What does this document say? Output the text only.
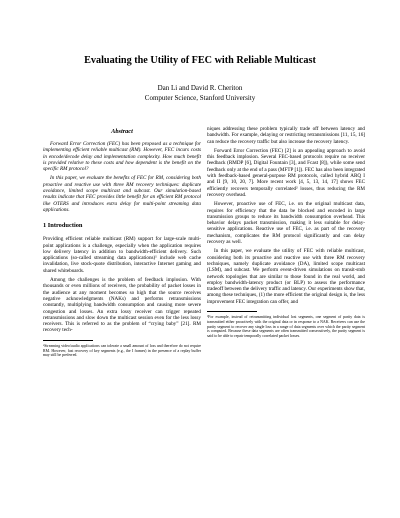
Evaluating the Utility of FEC with Reliable Multicast
Dan Li and David R. Cheriton
Computer Science, Stanford University
Abstract

Forward Error Correction (FEC) has been proposed as a technique for implementing efficient reliable multicast (RM). However, FEC incurs costs in encode/decode delay and implementation complexity. How much benefit is provided relative to these costs and how dependent is the benefit on the specific RM protocol?

In this paper, we evaluate the benefits of FEC for RM, considering both proactive and reactive use with three RM recovery techniques: duplicate avoidance, limited scope multicast and subcast. Our simulation-based results indicate that FEC provides little benefit for an efficient RM protocol like OTERS and introduces extra delay for multi-point streaming data applications.

1 Introduction

Providing efficient reliable multicast (RM) support for large-scale multi-point applications is a challenge, especially when the application requires low delivery latency in addition to bandwidth-efficient delivery. Such applications (so-called streaming data applications)¹ include web cache invalidation, live stock-quote distribution, interactive Internet gaming and shared whiteboards.

Among the challenges is the problem of feedback implosion. With thousands or even millions of receivers, the probability of packet losses in the audience at any moment becomes so high that the source receives negative acknowledgments (NAKs) and performs retransmissions constantly, multiplying bandwidth consumption and causing more severe congestion and losses. An extra lossy receiver can trigger repeated retransmissions and slow down the multicast session even for the less lossy receivers. This is referred to as the problem of “crying baby” [21]. RM recovery tech-

¹Streaming video/audio applications can tolerate a small amount of loss and therefore do not require RM. However, fast recovery of key segments (e.g., the I frames) in the presence of a replay buffer may still be preferred.

niques addressing these problem typically trade off between latency and bandwidth. For example, delaying or restricting retransmissions [11, 15, 16] can reduce the recovery traffic but also increase the recovery latency.

Forward Error Correction (FEC) [2] is an appealing approach to avoid this feedback implosion. Several FEC-based protocols require no receiver feedback (RMDP [6], Digital Fountain [3], and Fcast [8]), while some send feedback only at the end of a pass (MFTP [1]). FEC has also been integrated with feedback-based general-purpose RM protocols, called hybrid ARQ I and II [9, 10, 20, 7]. More recent work [4, 5, 13, 14, 17] shows FEC efficiently recovers temporally correlated² losses, thus reducing the RM recovery overhead.

However, proactive use of FEC, i.e. on the original multicast data, requires for efficiency that the data be blocked and encoded in large transmission groups to reduce its bandwidth consumption overhead. This behavior delays packet transmission, making it less suitable for delay-sensitive applications. Reactive use of FEC, i.e. as part of the recovery mechanism, complicates the RM protocol significantly and can delay recovery as well.

In this paper, we evaluate the utility of FEC with reliable multicast, considering both its proactive and reactive use with three RM recovery techniques, namely duplicate avoidance (DA), limited scope multicast (LSM), and subcast. We perform event-driven simulations on transit-stub network topologies that are similar to those found in the real world, and employ bandwidth-latency product (or BLP) to assess the performance tradeoff between the delivery traffic and latency. Our experiments show that, among these techniques, (1) the more efficient the original design is, the less improvement FEC integration can offer, and

²For example, instead of retransmitting individual lost segments, one segment of parity data is transmitted either proactively with the original data or in response to a NAK. Receivers can use the parity segment to recover any single loss in a range of data segments over which the parity segment is computed. Because these data segments are often transmitted consecutively, the parity segment is said to be able to repair temporally correlated packet losses.
